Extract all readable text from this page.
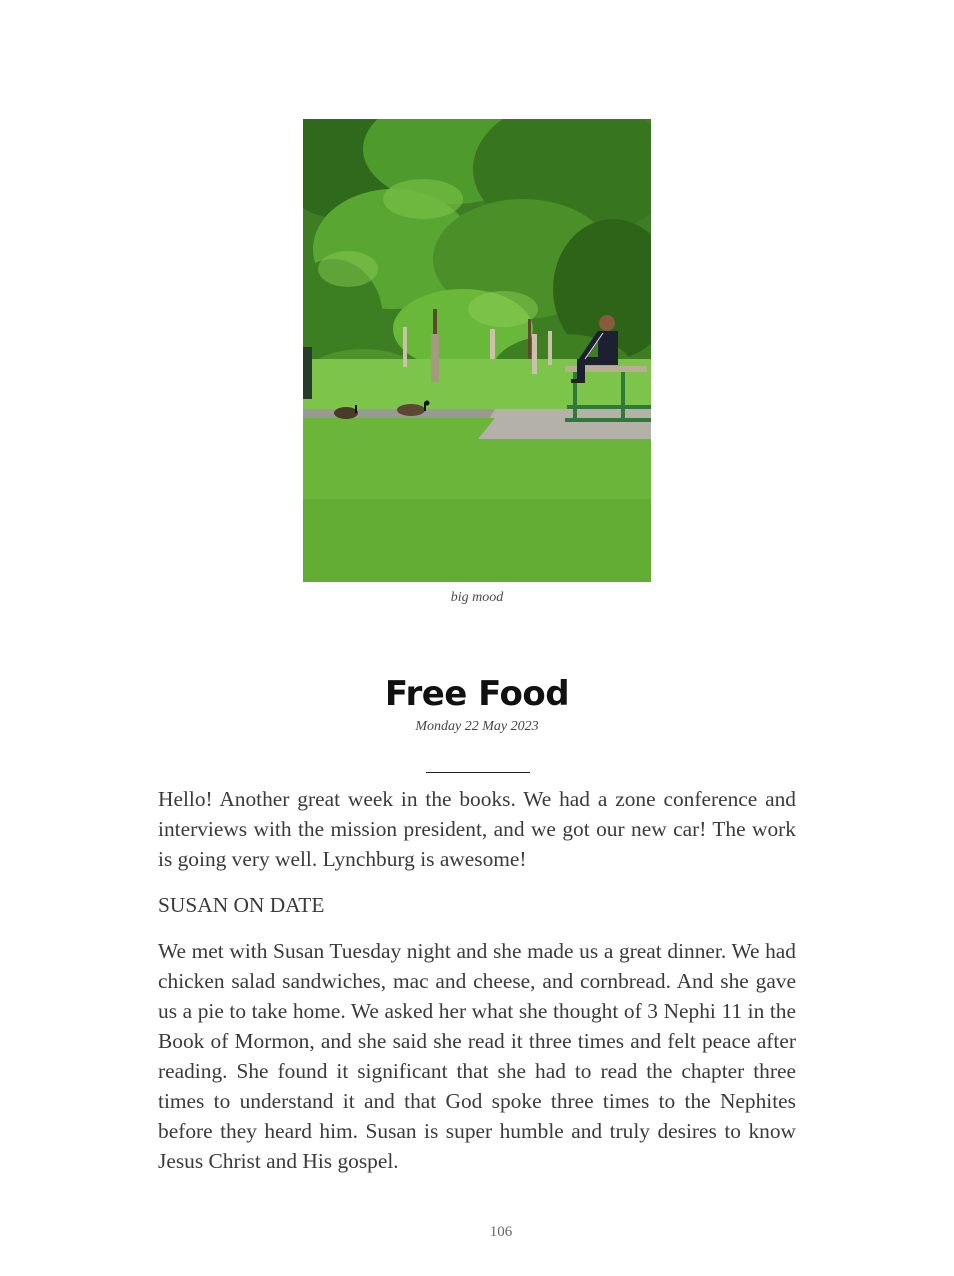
big mood
Free Food
Monday 22 May 2023

Hello! Another great week in the books. We had a zone conference and interviews with the mission president, and we got our new car! The work is going very well. Lynchburg is awesome!

SUSAN ON DATE

We met with Susan Tuesday night and she made us a great dinner. We had chicken salad sandwiches, mac and cheese, and cornbread. And she gave us a pie to take home. We asked her what she thought of 3 Nephi 11 in the Book of Mormon, and she said she read it three times and felt peace after reading. She found it significant that she had to read the chapter three times to understand it and that God spoke three times to the Nephites before they heard him. Susan is super humble and truly desires to know Jesus Christ and His gospel.

106
